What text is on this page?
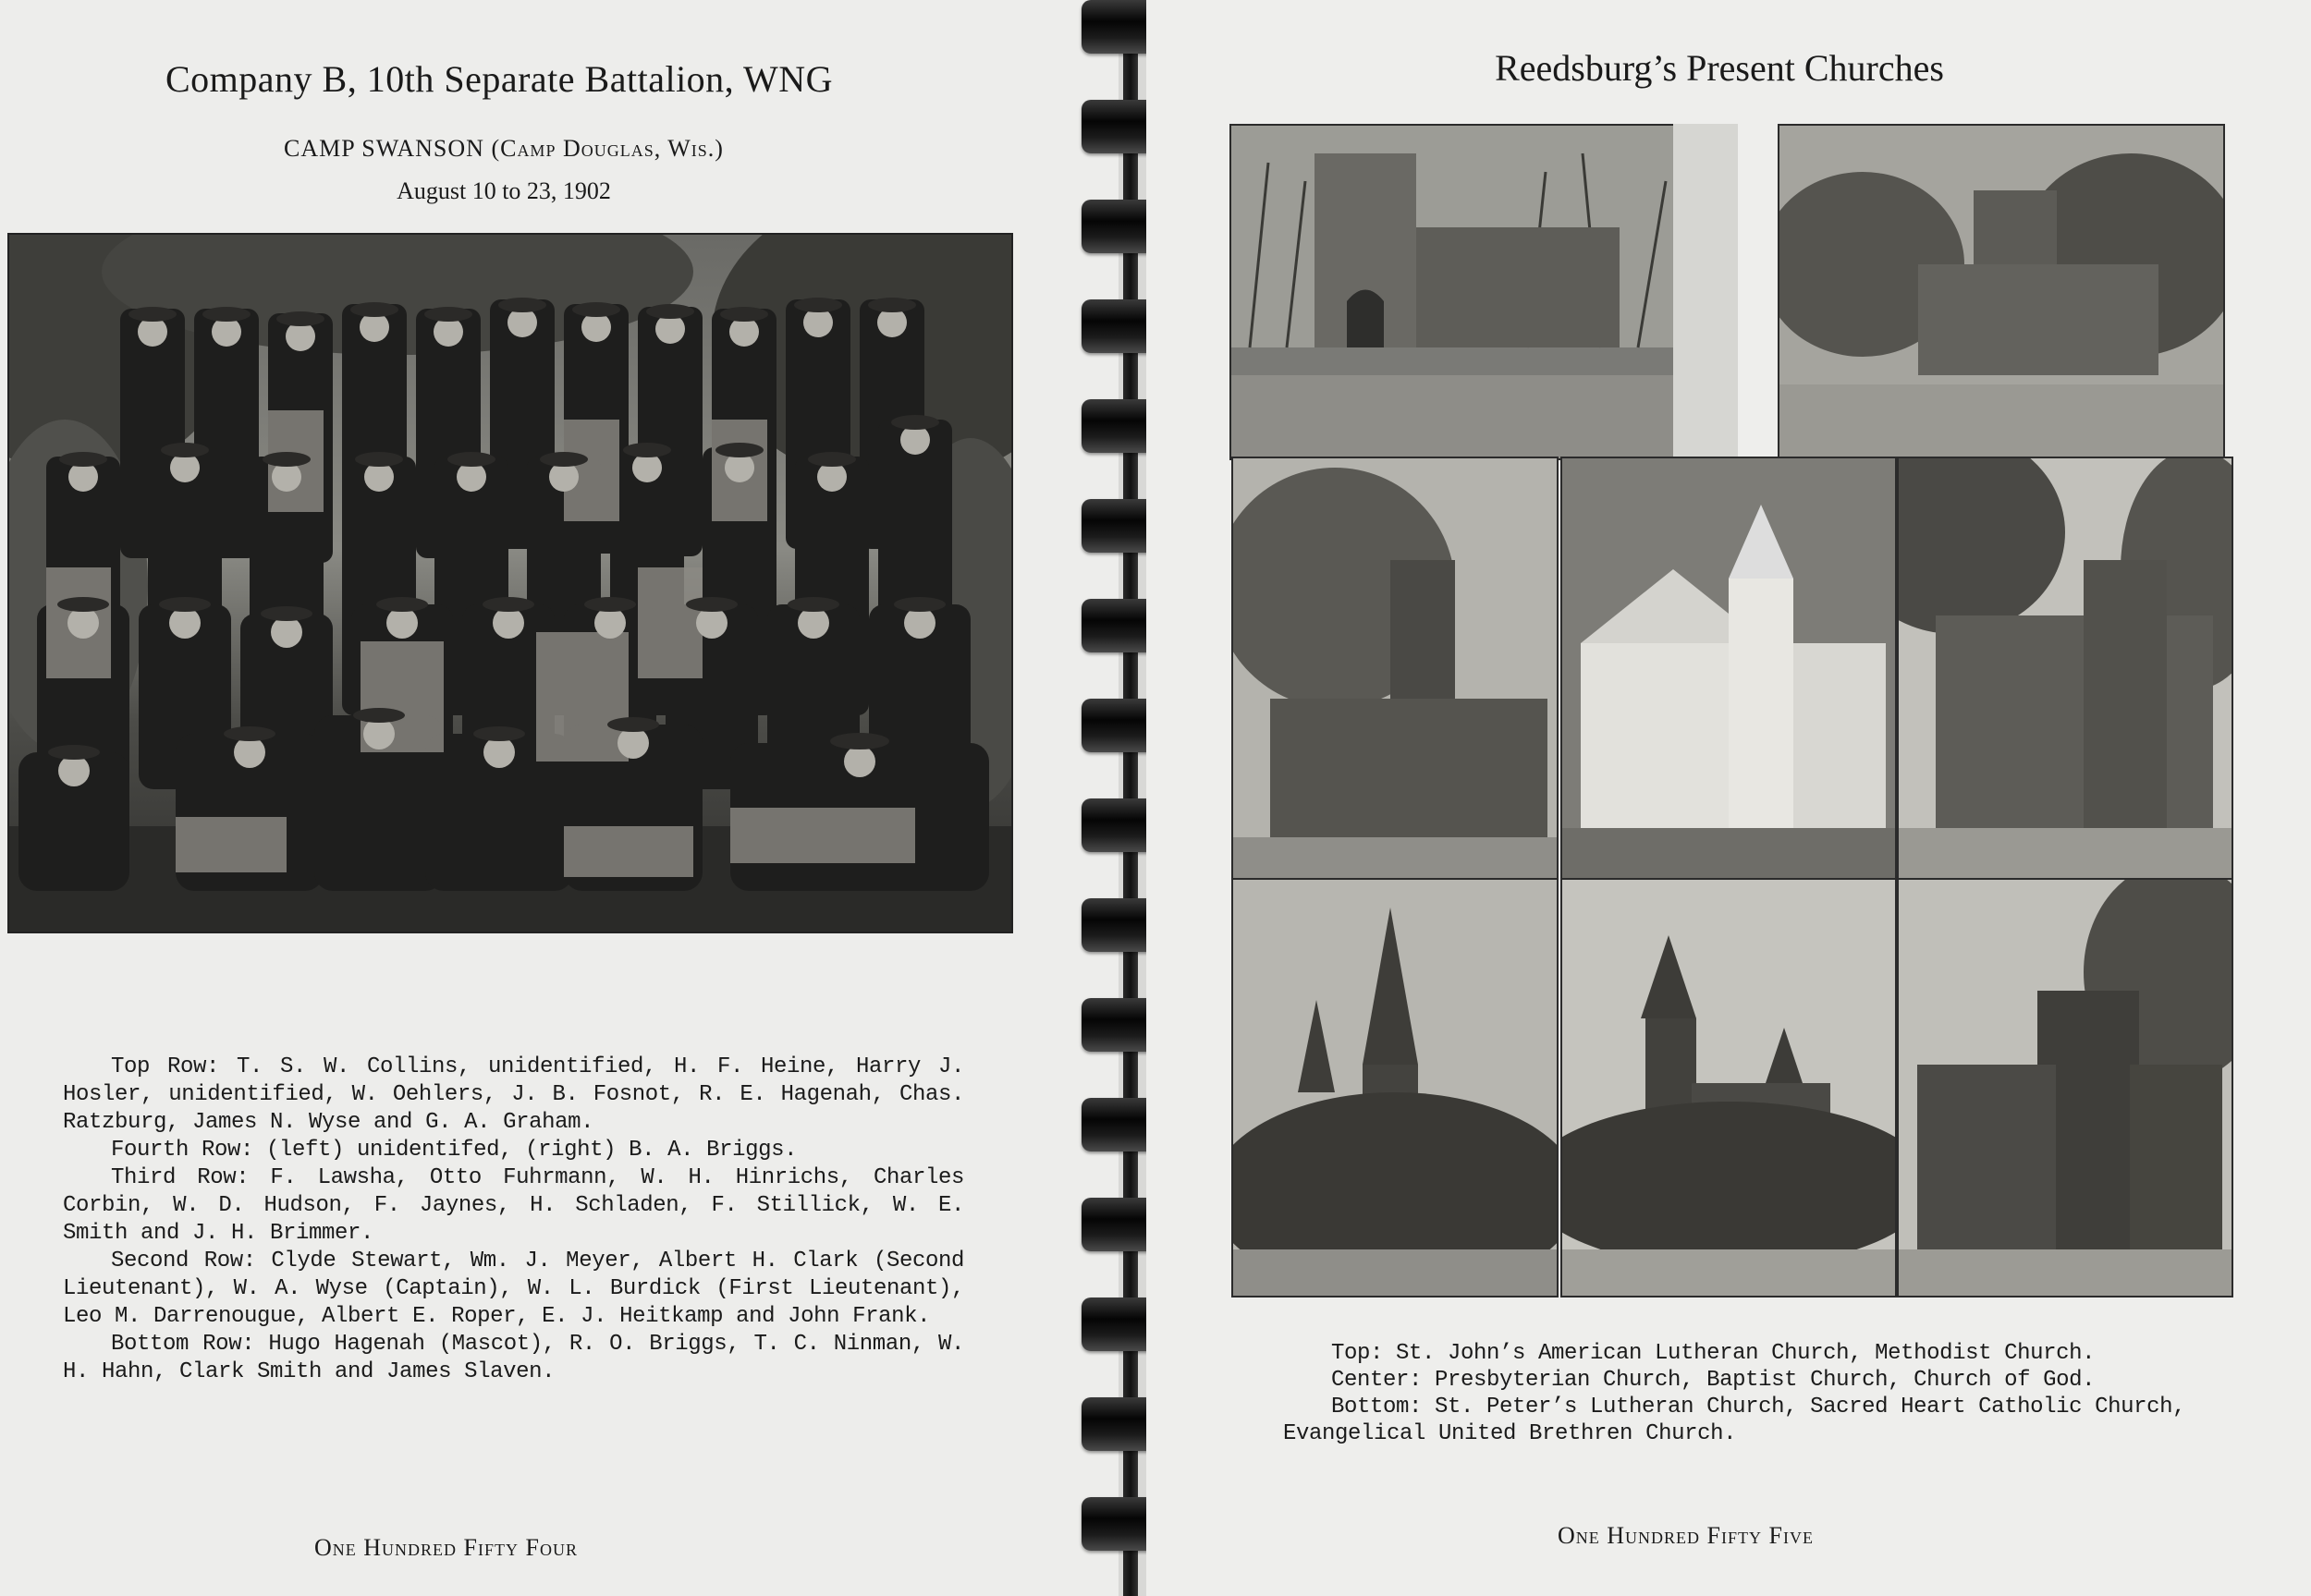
Company B, 10th Separate Battalion, WNG
CAMP SWANSON (Camp Douglas, Wis.)
August 10 to 23, 1902

Top Row: T. S. W. Collins, unidentified, H. F. Heine, Harry J. Hosler, unidentified, W. Oehlers, J. B. Fosnot, R. E. Hagenah, Chas. Ratzburg, James N. Wyse and G. A. Graham.

Fourth Row: (left) unidentifed, (right) B. A. Briggs.

Third Row: F. Lawsha, Otto Fuhrmann, W. H. Hinrichs, Charles Corbin, W. D. Hudson, F. Jaynes, H. Schladen, F. Stillick, W. E. Smith and J. H. Brimmer.

Second Row: Clyde Stewart, Wm. J. Meyer, Albert H. Clark (Second Lieutenant), W. A. Wyse (Captain), W. L. Burdick (First Lieutenant), Leo M. Darrenougue, Albert E. Roper, E. J. Heitkamp and John Frank.

Bottom Row: Hugo Hagenah (Mascot), R. O. Briggs, T. C. Ninman, W. H. Hahn, Clark Smith and James Slaven.

One Hundred Fifty Four
Reedsburg’s Present Churches

Top: St. John’s American Lutheran Church, Methodist Church.

Center: Presbyterian Church, Baptist Church, Church of God.

Bottom: St. Peter’s Lutheran Church, Sacred Heart Catholic Church, Evangelical United Brethren Church.

One Hundred Fifty Five
